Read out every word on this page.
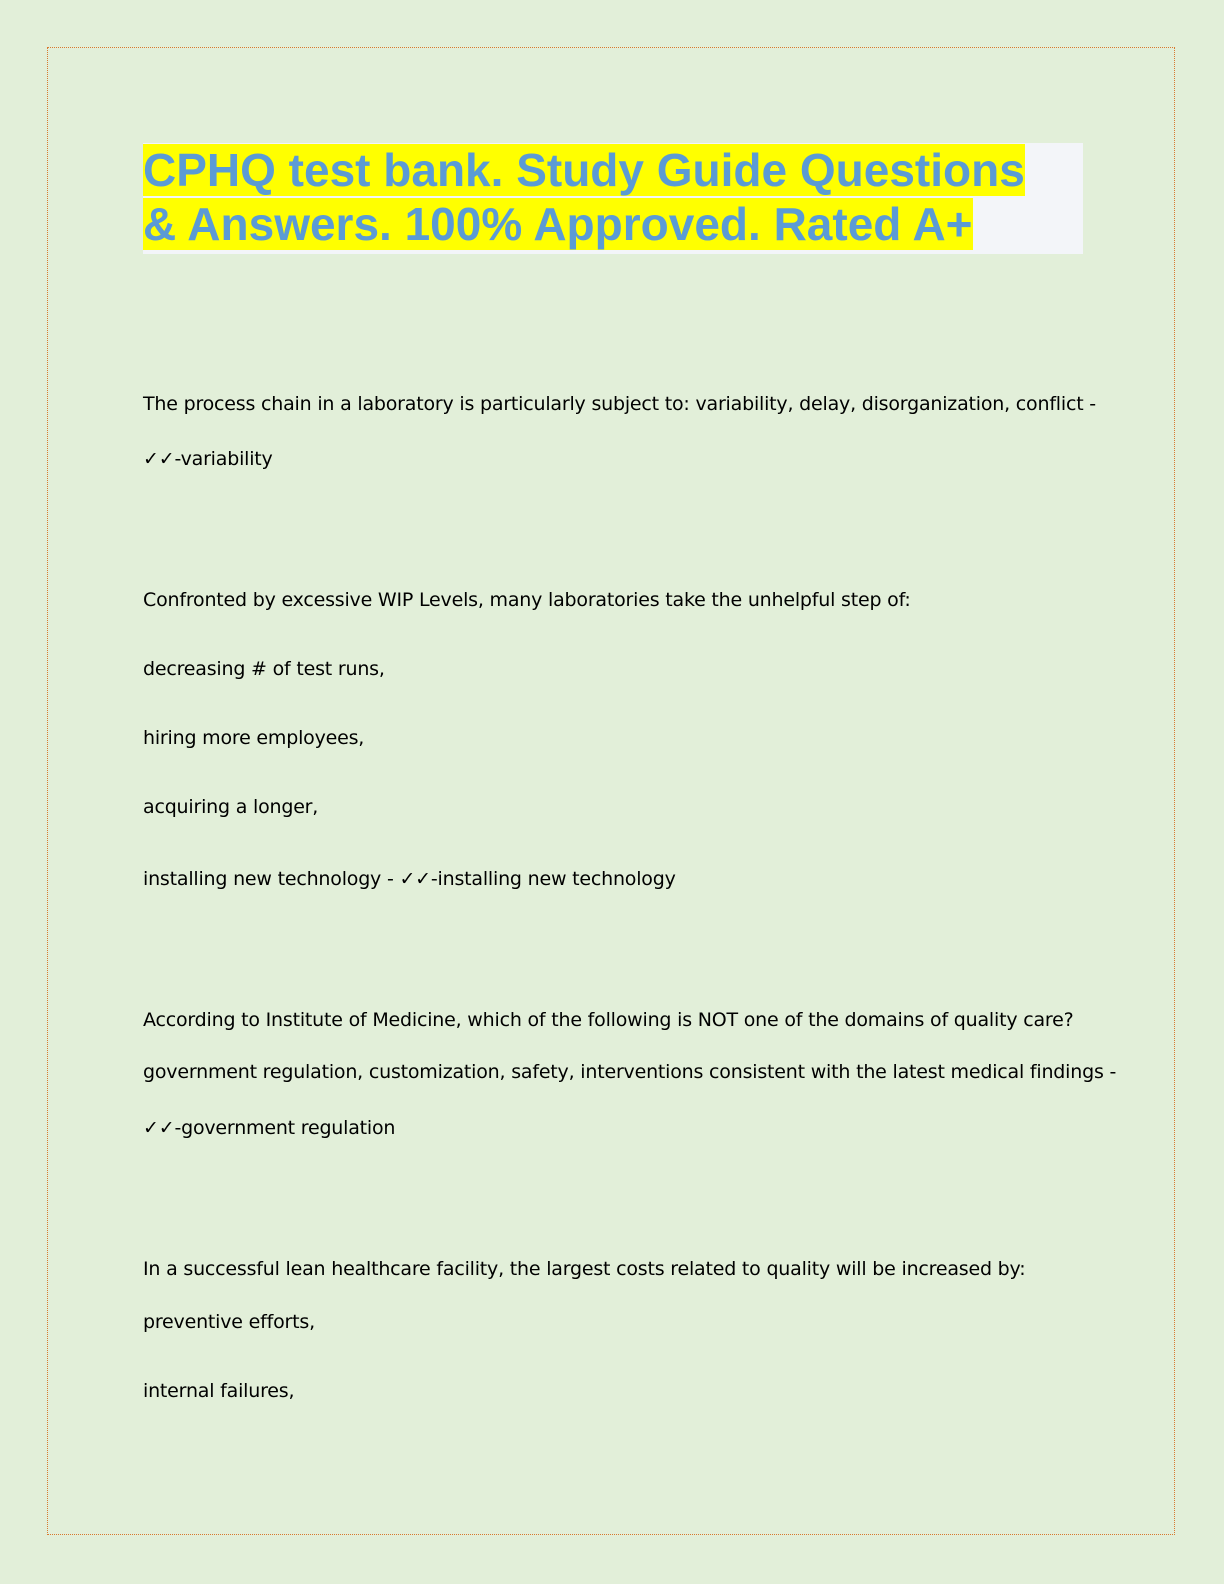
CPHQ test bank. Study Guide Questions
& Answers. 100% Approved. Rated A+
The process chain in a laboratory is particularly subject to: variability, delay, disorganization, conflict -
✓✓-variability
Confronted by excessive WIP Levels, many laboratories take the unhelpful step of:
decreasing # of test runs,
hiring more employees,
acquiring a longer,
installing new technology - ✓✓-installing new technology
According to Institute of Medicine, which of the following is NOT one of the domains of quality care?
government regulation, customization, safety, interventions consistent with the latest medical findings -
✓✓-government regulation
In a successful lean healthcare facility, the largest costs related to quality will be increased by:
preventive efforts,
internal failures,
